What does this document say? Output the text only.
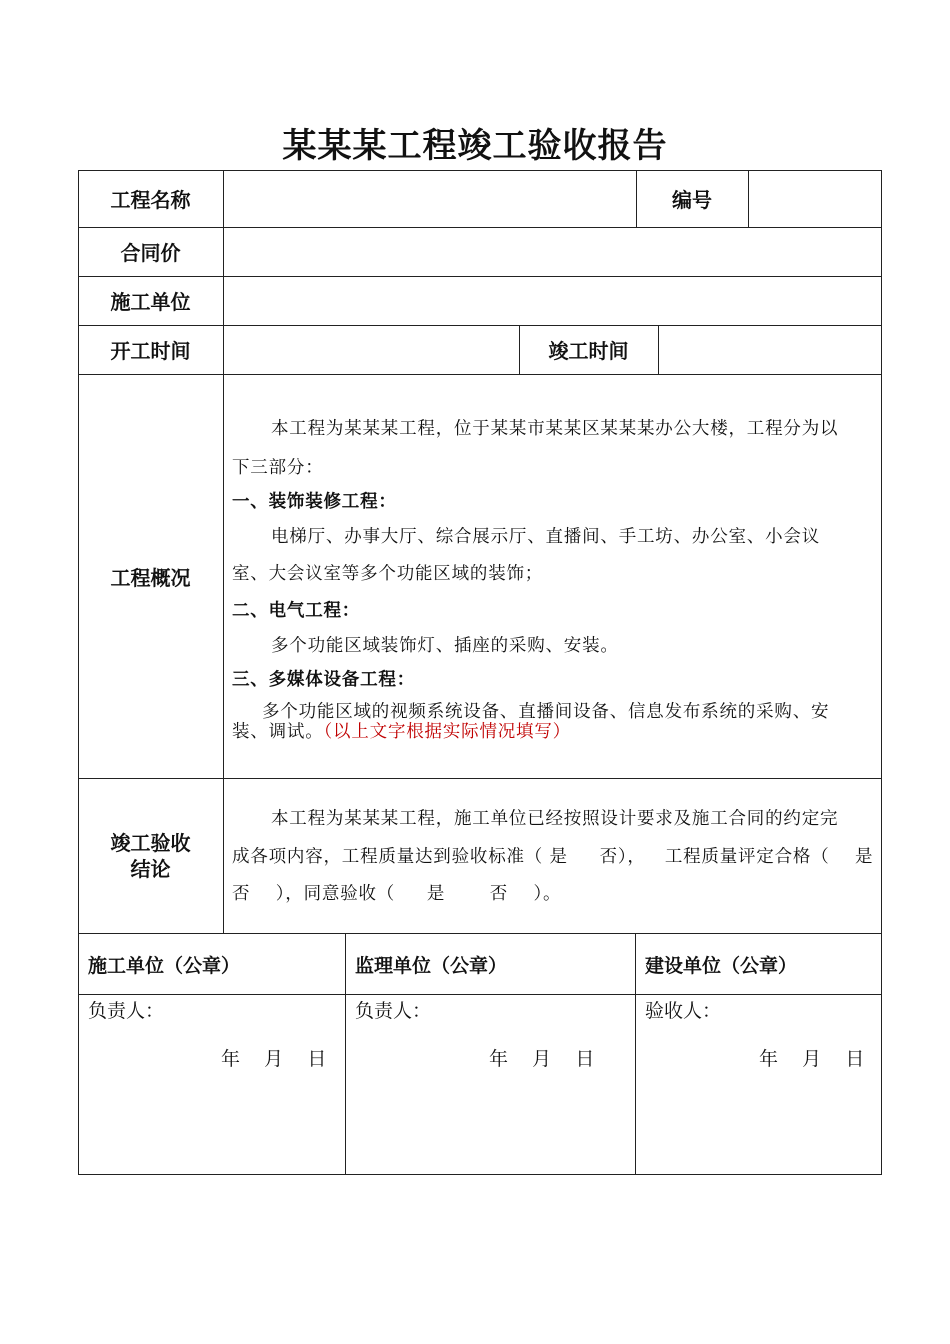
某某某工程竣工验收报告
工程名称	编号
合同价
施工单位
开工时间	竣工时间
工程概况
本工程为某某某工程，位于某某市某某区某某某办公大楼，工程分为以
下三部分：
一、装饰装修工程：
电梯厅、办事大厅、综合展示厅、直播间、手工坊、办公室、小会议
室、大会议室等多个功能区域的装饰；
二、电气工程：
多个功能区域装饰灯、插座的采购、安装。
三、多媒体设备工程：
多个功能区域的视频系统设备、直播间设备、信息发布系统的采购、安
装、调试。（以上文字根据实际情况填写）
竣工验收
结论
本工程为某某某工程，施工单位已经按照设计要求及施工合同的约定完
成各项内容，工程质量达到验收标准（ 是     否），   工程质量评定合格（    是
否    ），同意验收（     是       否    ）。
施工单位（公章）	监理单位（公章）	建设单位（公章）
负责人：	负责人：	验收人：
年    月    日	年    月    日	年    月    日
